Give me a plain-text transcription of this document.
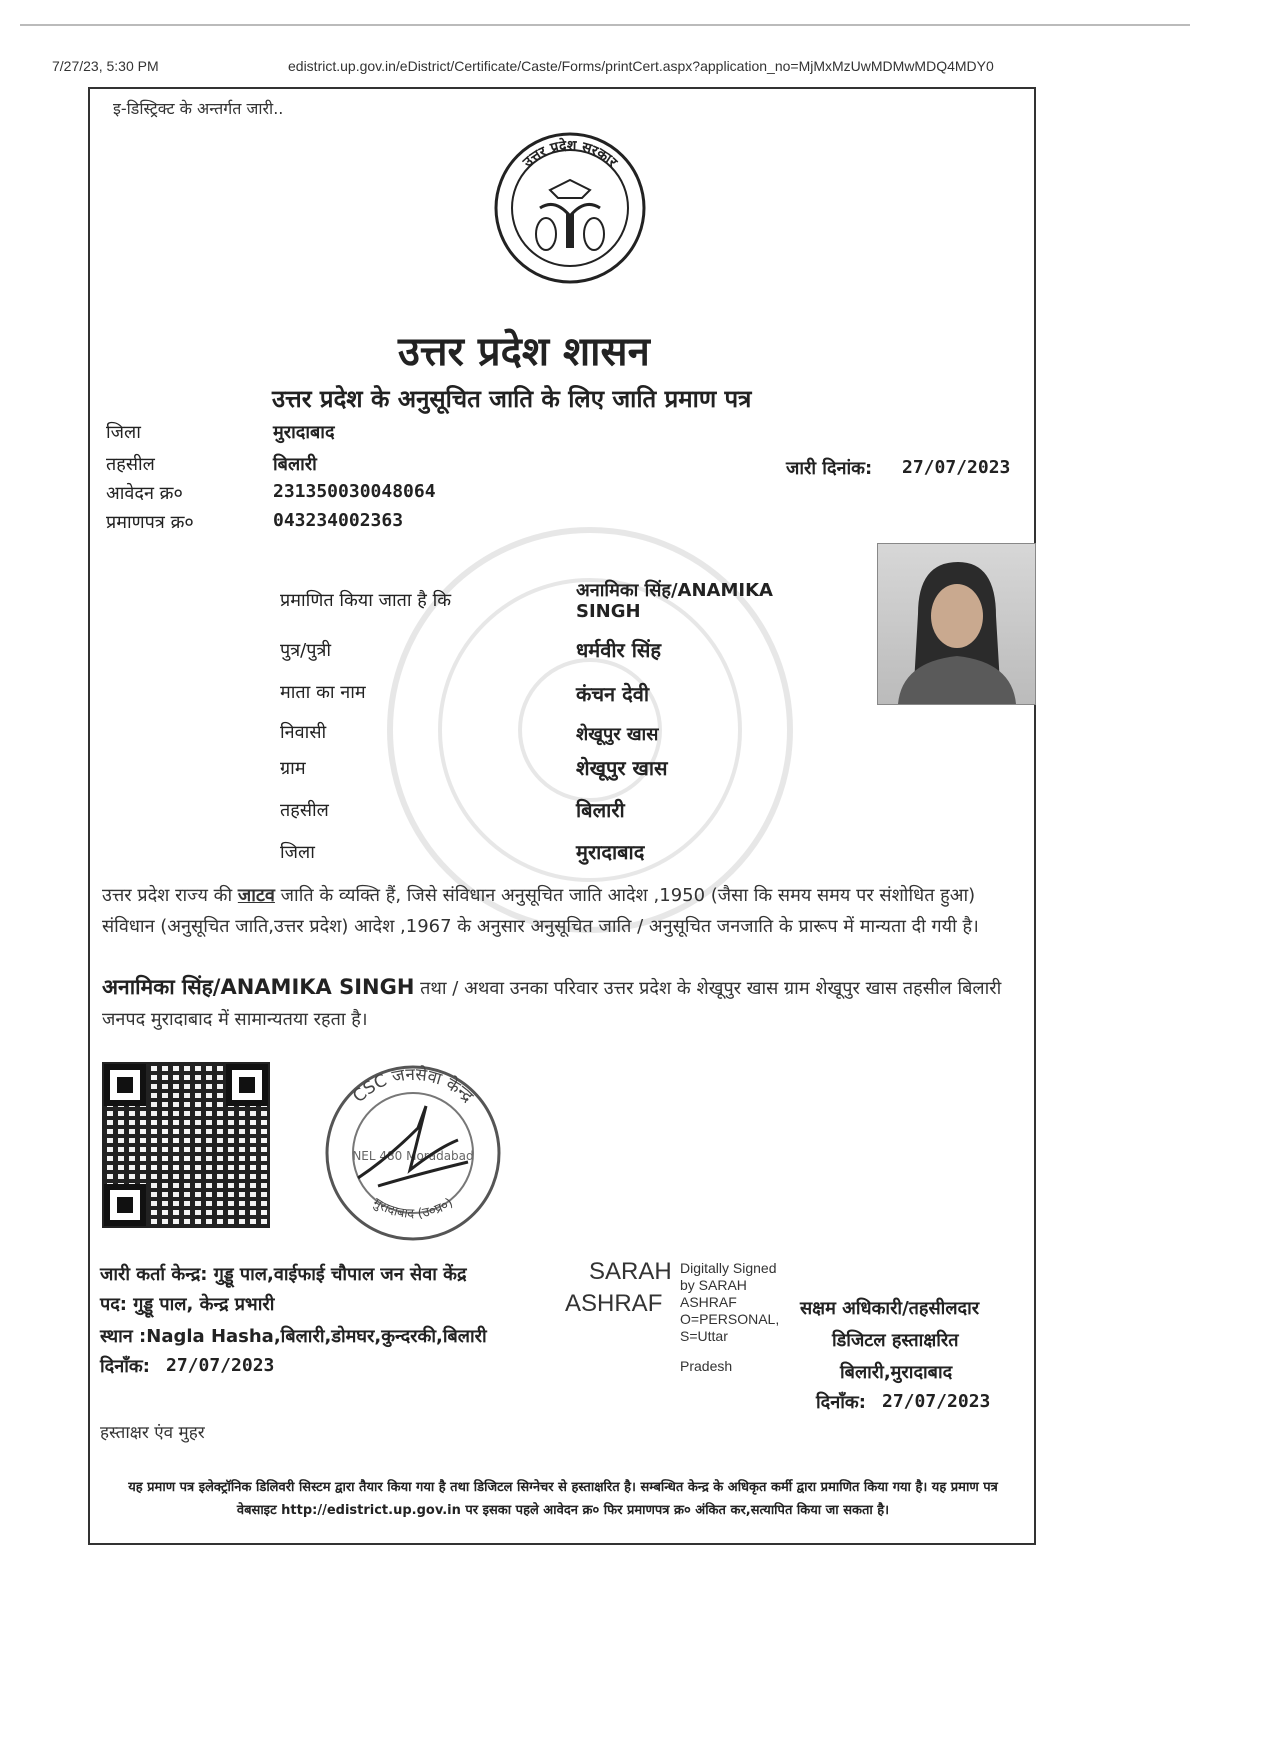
7/27/23, 5:30 PM	edistrict.up.gov.in/eDistrict/Certificate/Caste/Forms/printCert.aspx?application_no=MjMxMzUwMDMwMDQ4MDY0
इ-डिस्ट्रिक्ट के अन्तर्गत जारी..
उत्तर प्रदेश सरकार
उत्तर प्रदेश शासन
उत्तर प्रदेश के अनुसूचित जाति के लिए जाति प्रमाण पत्र
जिला	मुरादाबाद
तहसील	बिलारी
आवेदन क्र०	231350030048064
प्रमाणपत्र क्र०	043234002363
जारी दिनांक: 27/07/2023
प्रमाणित किया जाता है कि	अनामिका सिंह/ANAMIKA
SINGH
पुत्र/पुत्री	धर्मवीर सिंह
माता का नाम	कंचन देवी
निवासी	शेखूपुर खास
ग्राम	शेखूपुर खास
तहसील	बिलारी
जिला	मुरादाबाद
उत्तर प्रदेश राज्य की जाटव जाति के व्यक्ति हैं, जिसे संविधान अनुसूचित जाति आदेश ,1950 (जैसा कि समय समय पर संशोधित हुआ) संविधान (अनुसूचित जाति,उत्तर प्रदेश) आदेश ,1967 के अनुसार अनुसूचित जाति / अनुसूचित जनजाति के प्रारूप में मान्यता दी गयी है।
अनामिका सिंह/ANAMIKA SINGH तथा / अथवा उनका परिवार उत्तर प्रदेश के शेखूपुर खास ग्राम शेखूपुर खास तहसील बिलारी जनपद मुरादाबाद में सामान्यतया रहता है।
CSC जनसेवा केन्द्र
मुरादाबाद (उ०प्र०)
NEL 480 Moradabad
जारी कर्ता केन्द्र: गुड्डू पाल,वाईफाई चौपाल जन सेवा केंद्र
पद: गुड्डू पाल, केन्द्र प्रभारी
स्थान :Nagla Hasha,बिलारी,डोमघर,कुन्दरकी,बिलारी
दिनाँक: 27/07/2023
SARAH
ASHRAF
Digitally Signed
by SARAH
ASHRAF
O=PERSONAL,
S=Uttar
Pradesh
सक्षम अधिकारी/तहसीलदार
डिजिटल हस्ताक्षरित
बिलारी,मुरादाबाद
दिनाँक: 27/07/2023
हस्ताक्षर एंव मुहर
यह प्रमाण पत्र इलेक्ट्रॉनिक डिलिवरी सिस्टम द्वारा तैयार किया गया है तथा डिजिटल सिग्नेचर से हस्ताक्षरित है। सम्बन्धित केन्द्र के अधिकृत कर्मी द्वारा प्रमाणित किया गया है। यह प्रमाण पत्र वेबसाइट http://edistrict.up.gov.in पर इसका पहले आवेदन क्र० फिर प्रमाणपत्र क्र० अंकित कर,सत्यापित किया जा सकता है।
